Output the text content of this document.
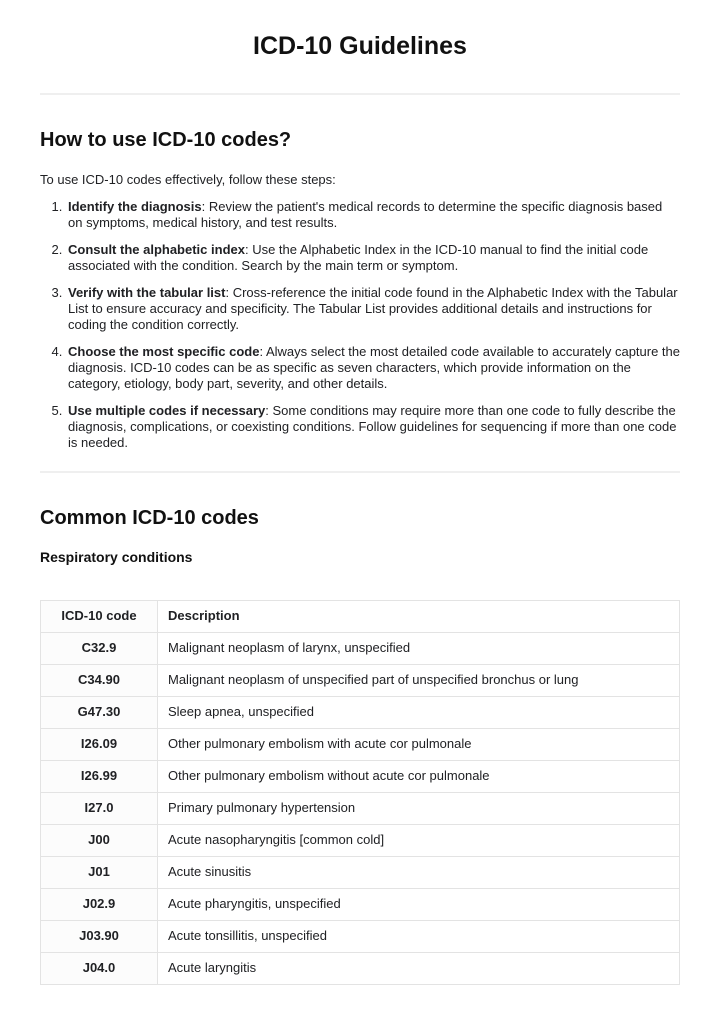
ICD-10 Guidelines
How to use ICD-10 codes?

To use ICD-10 codes effectively, follow these steps:

1. Identify the diagnosis: Review the patient's medical records to determine the specific diagnosis based on symptoms, medical history, and test results.
2. Consult the alphabetic index: Use the Alphabetic Index in the ICD-10 manual to find the initial code associated with the condition. Search by the main term or symptom.
3. Verify with the tabular list: Cross-reference the initial code found in the Alphabetic Index with the Tabular List to ensure accuracy and specificity. The Tabular List provides additional details and instructions for coding the condition correctly.
4. Choose the most specific code: Always select the most detailed code available to accurately capture the diagnosis. ICD-10 codes can be as specific as seven characters, which provide information on the category, etiology, body part, severity, and other details.
5. Use multiple codes if necessary: Some conditions may require more than one code to fully describe the diagnosis, complications, or coexisting conditions. Follow guidelines for sequencing if more than one code is needed.
Common ICD-10 codes
Respiratory conditions
ICD-10 code	Description
C32.9	Malignant neoplasm of larynx, unspecified
C34.90	Malignant neoplasm of unspecified part of unspecified bronchus or lung
G47.30	Sleep apnea, unspecified
I26.09	Other pulmonary embolism with acute cor pulmonale
I26.99	Other pulmonary embolism without acute cor pulmonale
I27.0	Primary pulmonary hypertension
J00	Acute nasopharyngitis [common cold]
J01	Acute sinusitis
J02.9	Acute pharyngitis, unspecified
J03.90	Acute tonsillitis, unspecified
J04.0	Acute laryngitis
